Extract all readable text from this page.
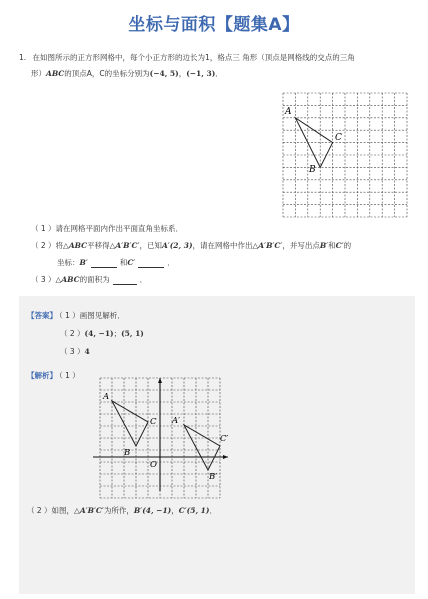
坐标与面积【题集A】
1. 在如图所示的正方形网格中，每个小正方形的边长为1，格点三 角形（顶点是网格线的交点的三角
形）ABC的顶点A，C的坐标分别为(−4, 5)，(−1, 3)．
A
B
C
（ 1 ）请在网格平面内作出平面直角坐标系．
（ 2 ）将△ABC平移得△A′B′C′，已知A′(2, 3)，请在网格中作出△A′B′C′，并写出点B′和C′的
坐标：B′	和C′	．
（ 3 ）△ABC的面积为	．
【答案】 （ 1 ）画图见解析．
（ 2 ）(4, −1)；(5, 1)
（ 3 ）4
【解析】 （ 1 ）
A
B
C A′
B′
C′
O
（ 2 ）如图，△A′B′C′为所作，B′(4, −1)，C′(5, 1)．
